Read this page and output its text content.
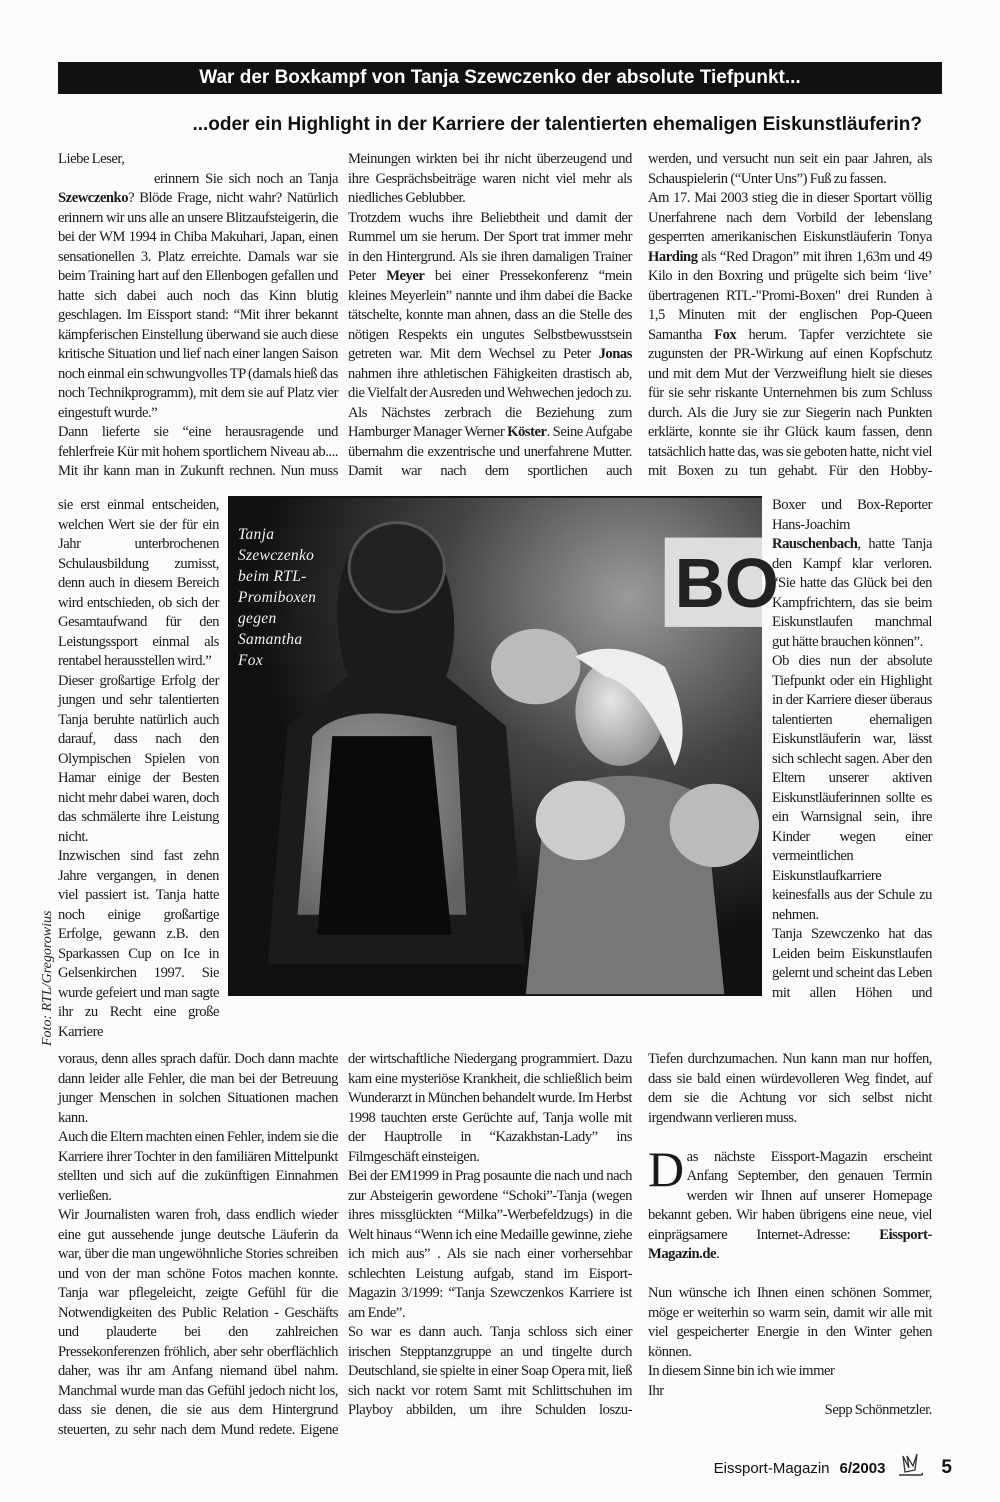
War der Boxkampf von Tanja Szewczenko der absolute Tiefpunkt...
...oder ein Highlight in der Karriere der talentierten ehemaligen Eiskunstläuferin?

Liebe Leser,

erinnern Sie sich noch an Tanja Szewczenko? Blöde Frage, nicht wahr? Natürlich erinnern wir uns alle an unsere Blitzaufsteigerin, die bei der WM 1994 in Chiba Makuhari, Japan, einen sensationellen 3. Platz erreichte. Damals war sie beim Training hart auf den Ellenbogen gefallen und hatte sich dabei auch noch das Kinn blutig geschlagen. Im Eissport stand: “Mit ihrer bekannt kämpferischen Einstellung überwand sie auch diese kritische Situation und lief nach einer langen Saison noch einmal ein schwungvolles TP (damals hieß das noch Technikprogramm), mit dem sie auf Platz vier eingestuft wurde.”

Dann lieferte sie “eine herausragende und fehlerfreie Kür mit hohem sportlichem Niveau ab.... Mit ihr kann man in Zukunft rechnen. Nun muss

sie erst einmal entscheiden, welchen Wert sie der für ein Jahr unterbrochenen Schulausbildung zumisst, denn auch in diesem Bereich wird entschieden, ob sich der Gesamtaufwand für den Leistungssport einmal als rentabel herausstellen wird.”

Dieser großartige Erfolg der jungen und sehr talentierten Tanja beruhte natürlich auch darauf, dass nach den Olympischen Spielen von Hamar einige der Besten nicht mehr dabei waren, doch das schmälerte ihre Leistung nicht.

Inzwischen sind fast zehn Jahre vergangen, in denen viel passiert ist. Tanja hatte noch einige großartige Erfolge, gewann z.B. den Sparkassen Cup on Ice in Gelsenkirchen 1997. Sie wurde gefeiert und man sagte ihr zu Recht eine große Karriere

voraus, denn alles sprach dafür. Doch dann machte dann leider alle Fehler, die man bei der Betreuung junger Menschen in solchen Situationen machen kann.

Auch die Eltern machten einen Fehler, indem sie die Karriere ihrer Tochter in den familiären Mittelpunkt stellten und sich auf die zukünftigen Einnahmen verließen.

Wir Journalisten waren froh, dass endlich wieder eine gut aussehende junge deutsche Läuferin da war, über die man ungewöhnliche Stories schreiben und von der man schöne Fotos machen konnte. Tanja war pflegeleicht, zeigte Gefühl für die Notwendigkeiten des Public Relation - Geschäfts und plauderte bei den zahlreichen Pressekonferenzen fröhlich, aber sehr oberflächlich daher, was ihr am Anfang niemand übel nahm. Manchmal wurde man das Gefühl jedoch nicht los, dass sie denen, die sie aus dem Hintergrund steuerten, zu sehr nach dem Mund redete. Eigene

Meinungen wirkten bei ihr nicht überzeugend und ihre Gesprächsbeiträge waren nicht viel mehr als niedliches Geblubber.

Trotzdem wuchs ihre Beliebtheit und damit der Rummel um sie herum. Der Sport trat immer mehr in den Hintergrund. Als sie ihren damaligen Trainer Peter Meyer bei einer Pressekonferenz “mein kleines Meyerlein” nannte und ihm dabei die Backe tätschelte, konnte man ahnen, dass an die Stelle des nötigen Respekts ein ungutes Selbstbewusstsein getreten war. Mit dem Wechsel zu Peter Jonas nahmen ihre athletischen Fähigkeiten drastisch ab, die Vielfalt der Ausreden und Wehwechen jedoch zu.

Als Nächstes zerbrach die Beziehung zum Hamburger Manager Werner Köster. Seine Aufgabe übernahm die exzentrische und unerfahrene Mutter. Damit war nach dem sportlichen auch

der wirtschaftliche Niedergang programmiert. Dazu kam eine mysteriöse Krankheit, die schließlich beim Wunderarzt in München behandelt wurde. Im Herbst 1998 tauchten erste Gerüchte auf, Tanja wolle mit der Hauptrolle in “Kazakhstan-Lady” ins Filmgeschäft einsteigen.

Bei der EM1999 in Prag posaunte die nach und nach zur Absteigerin gewordene “Schoki”-Tanja (wegen ihres missglückten “Milka”-Werbefeldzugs) in die Welt hinaus “Wenn ich eine Medaille gewinne, ziehe ich mich aus” . Als sie nach einer vorhersehbar schlechten Leistung aufgab, stand im Eisport-Magazin 3/1999: “Tanja Szewczenkos Karriere ist am Ende”.

So war es dann auch. Tanja schloss sich einer irischen Stepptanzgruppe an und tingelte durch Deutschland, sie spielte in einer Soap Opera mit, ließ sich nackt vor rotem Samt mit Schlittschuhen im Playboy abbilden, um ihre Schulden loszu-

werden, und versucht nun seit ein paar Jahren, als Schauspielerin (“Unter Uns”) Fuß zu fassen.

Am 17. Mai 2003 stieg die in dieser Sportart völlig Unerfahrene nach dem Vorbild der lebenslang gesperrten amerikanischen Eiskunstläuferin Tonya Harding als “Red Dragon” mit ihren 1,63m und 49 Kilo in den Boxring und prügelte sich beim ‘live’ übertragenen RTL-"Promi-Boxen" drei Runden à 1,5 Minuten mit der englischen Pop-Queen Samantha Fox herum. Tapfer verzichtete sie zugunsten der PR-Wirkung auf einen Kopfschutz und mit dem Mut der Verzweiflung hielt sie dieses für sie sehr riskante Unternehmen bis zum Schluss durch. Als die Jury sie zur Siegerin nach Punkten erklärte, konnte sie ihr Glück kaum fassen, denn tatsächlich hatte das, was sie geboten hatte, nicht viel mit Boxen zu tun gehabt. Für den Hobby-

Boxer und Box-Reporter Hans-Joachim Rauschenbach, hatte Tanja den Kampf klar verloren. “Sie hatte das Glück bei den Kampfrichtern, das sie beim Eiskunstlaufen manchmal gut hätte brauchen können”.

Ob dies nun der absolute Tiefpunkt oder ein Highlight in der Karriere dieser überaus talentierten ehemaligen Eiskunstläuferin war, lässt sich schlecht sagen. Aber den Eltern unserer aktiven Eiskunstläuferinnen sollte es ein Warnsignal sein, ihre Kinder wegen einer vermeintlichen Eiskunstlaufkarriere keinesfalls aus der Schule zu nehmen.

Tanja Szewczenko hat das Leiden beim Eiskunstlaufen gelernt und scheint das Leben mit allen Höhen und

Tiefen durchzumachen. Nun kann man nur hoffen, dass sie bald einen würdevolleren Weg findet, auf dem sie die Achtung vor sich selbst nicht irgendwann verlieren muss.

Das nächste Eissport-Magazin erscheint Anfang September, den genauen Termin werden wir Ihnen auf unserer Homepage bekannt geben. Wir haben übrigens eine neue, viel einprägsamere Internet-Adresse: Eissport-Magazin.de.

Nun wünsche ich Ihnen einen schönen Sommer, möge er weiterhin so warm sein, damit wir alle mit viel gespeicherter Energie in den Winter gehen können.

In diesem Sinne bin ich wie immer

Ihr

Sepp Schönmetzler.

BO
Tanja
Szewczenko
beim RTL-
Promiboxen
gegen
Samantha
Fox
Foto: RTL/Gregorowius
Eissport-Magazin 6/2003	5
